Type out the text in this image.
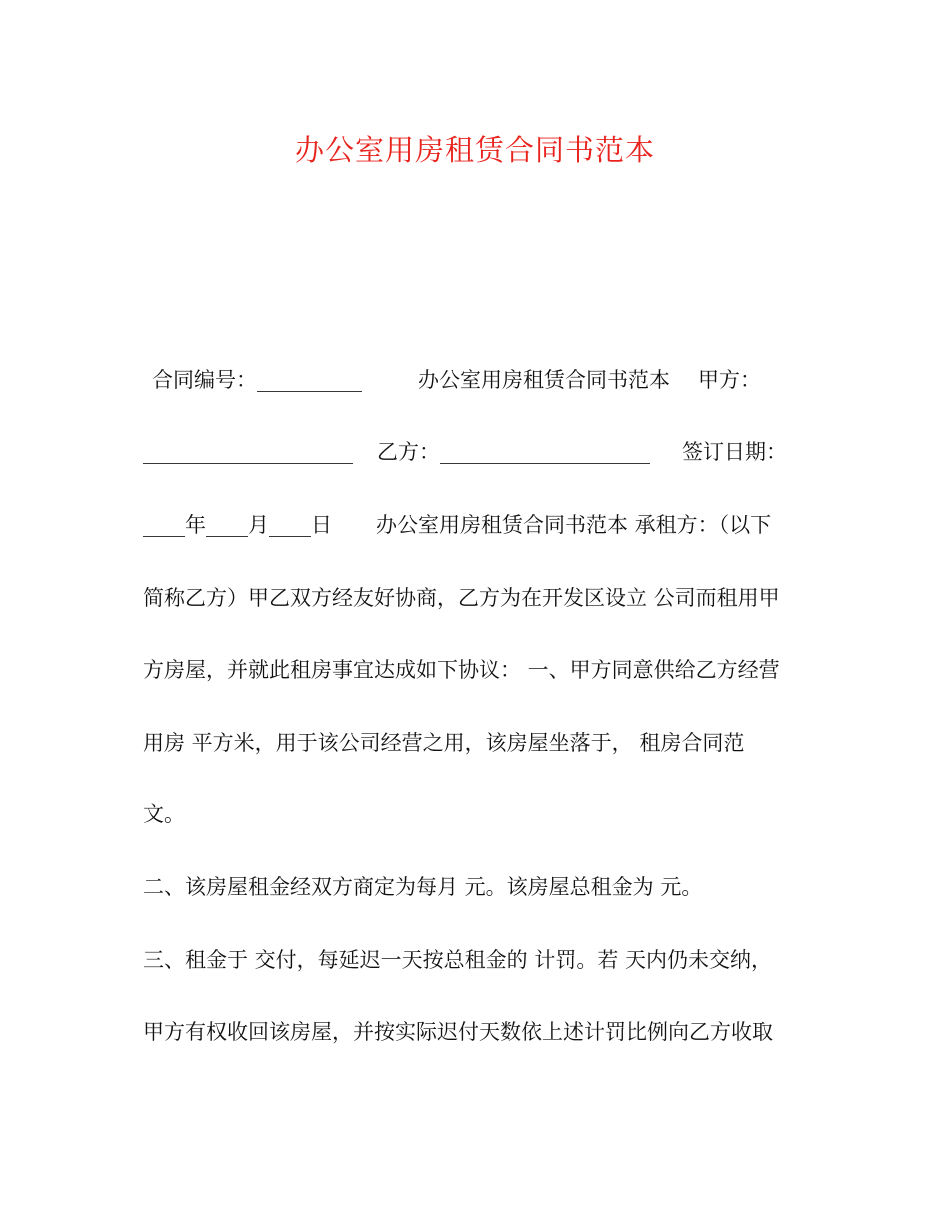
办公室用房租赁合同书范本
合同编号：__________	办公室用房租赁合同书范本 甲方：
____________________ 乙方：____________________ 签订日期：
____年____月____日 办公室用房租赁合同书范本 承租方：（以下
简称乙方）甲乙双方经友好协商，乙方为在开发区设立 公司而租用甲
方房屋，并就此租房事宜达成如下协议： 一、甲方同意供给乙方经营
用房 平方米，用于该公司经营之用，该房屋坐落于， 租房合同范
文。
二、该房屋租金经双方商定为每月 元。该房屋总租金为 元。
三、租金于 交付，每延迟一天按总租金的 计罚。若 天内仍未交纳，
甲方有权收回该房屋，并按实际迟付天数依上述计罚比例向乙方收取
